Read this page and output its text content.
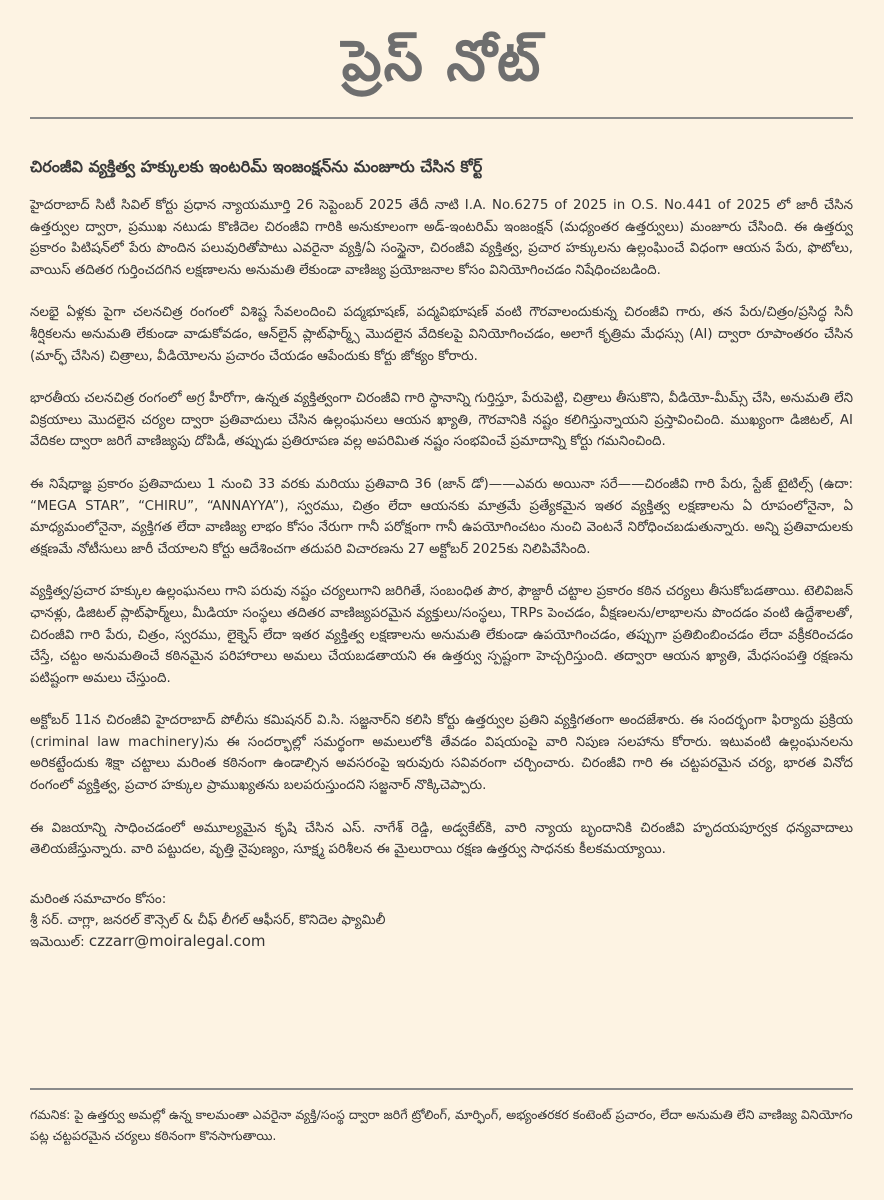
ప్రెస్ నోట్
చిరంజీవి వ్యక్తిత్వ హక్కులకు ఇంటరిమ్ ఇంజంక్షన్‌ను మంజూరు చేసిన కోర్ట్

హైదరాబాద్ సిటీ సివిల్ కోర్టు ప్రధాన న్యాయమూర్తి 26 సెప్టెంబర్ 2025 తేదీ నాటి I.A. No.6275 of 2025 in O.S. No.441 of 2025 లో జారీ చేసిన ఉత్తర్వుల ద్వారా, ప్రముఖ నటుడు కొణిదెల చిరంజీవి గారికి అనుకూలంగా అడ్-ఇంటరిమ్ ఇంజంక్షన్ (మధ్యంతర ఉత్తర్వులు) మంజూరు చేసింది. ఈ ఉత్తర్వు ప్రకారం పిటిషన్‌లో పేరు పొందిన పలువురితోపాటు ఎవరైనా వ్యక్తి/ఏ సంస్థైనా, చిరంజీవి వ్యక్తిత్వ, ప్రచార హక్కులను ఉల్లంఘించే విధంగా ఆయన పేరు, ఫొటోలు, వాయిస్ తదితర గుర్తించదగిన లక్షణాలను అనుమతి లేకుండా వాణిజ్య ప్రయోజనాల కోసం వినియోగించడం నిషేధించబడింది.

నలభై ఏళ్లకు పైగా చలనచిత్ర రంగంలో విశిష్ట సేవలందించి పద్మభూషణ్, పద్మవిభూషణ్ వంటి గౌరవాలందుకున్న చిరంజీవి గారు, తన పేరు/చిత్రం/ప్రసిద్ధ సినీ శీర్షికలను అనుమతి లేకుండా వాడుకోవడం, ఆన్‌లైన్ ప్లాట్‌ఫార్మ్స్ మొదలైన వేదికలపై వినియోగించడం, అలాగే కృత్రిమ మేధస్సు (AI) ద్వారా రూపాంతరం చేసిన (మార్ఫ్ చేసిన) చిత్రాలు, వీడియోలను ప్రచారం చేయడం ఆపేందుకు కోర్టు జోక్యం కోరారు.

భారతీయ చలనచిత్ర రంగంలో అగ్ర హీరోగా, ఉన్నత వ్యక్తిత్వంగా చిరంజీవి గారి స్థానాన్ని గుర్తిస్తూ, పేరుపెట్టి, చిత్రాలు తీసుకొని, వీడియో-మీమ్స్ చేసి, అనుమతి లేని విక్రయాలు మొదలైన చర్యల ద్వారా ప్రతివాదులు చేసిన ఉల్లంఘనలు ఆయన ఖ్యాతి, గౌరవానికి నష్టం కలిగిస్తున్నాయని ప్రస్తావించింది. ముఖ్యంగా డిజిటల్, AI వేదికల ద్వారా జరిగే వాణిజ్యపు దోపిడీ, తప్పుడు ప్రతిరూపణ వల్ల అపరిమిత నష్టం సంభవించే ప్రమాదాన్ని కోర్టు గమనించింది.

ఈ నిషేధాజ్ఞ ప్రకారం ప్రతివాదులు 1 నుంచి 33 వరకు మరియు ప్రతివాది 36 (జాన్ డో)——ఎవరు అయినా సరే——చిరంజీవి గారి పేరు, స్టేజ్ టైటిల్స్ (ఉదా: “MEGA STAR”, “CHIRU”, “ANNAYYA”), స్వరము, చిత్రం లేదా ఆయనకు మాత్రమే ప్రత్యేకమైన ఇతర వ్యక్తిత్వ లక్షణాలను ఏ రూపంలోనైనా, ఏ మాధ్యమంలోనైనా, వ్యక్తిగత లేదా వాణిజ్య లాభం కోసం నేరుగా గానీ పరోక్షంగా గానీ ఉపయోగించటం నుంచి వెంటనే నిరోధించబడుతున్నారు. అన్ని ప్రతివాదులకు తక్షణమే నోటీసులు జారీ చేయాలని కోర్టు ఆదేశించగా తదుపరి విచారణను 27 అక్టోబర్ 2025కు నిలిపివేసింది.

వ్యక్తిత్వ/ప్రచార హక్కుల ఉల్లంఘనలు గాని పరువు నష్టం చర్యలుగాని జరిగితే, సంబంధిత పౌర, ఫౌజ్దారీ చట్టాల ప్రకారం కఠిన చర్యలు తీసుకోబడతాయి. టెలివిజన్ ఛానళ్లు, డిజిటల్ ప్లాట్‌ఫార్మ్‌లు, మీడియా సంస్థలు తదితర వాణిజ్యపరమైన వ్యక్తులు/సంస్థలు, TRPs పెంచడం, వీక్షణలను/లాభాలను పొందడం వంటి ఉద్దేశాలతో, చిరంజీవి గారి పేరు, చిత్రం, స్వరము, లైక్నెస్ లేదా ఇతర వ్యక్తిత్వ లక్షణాలను అనుమతి లేకుండా ఉపయోగించడం, తప్పుగా ప్రతిబింబించడం లేదా వక్రీకరించడం చేస్తే, చట్టం అనుమతించే కఠినమైన పరిహారాలు అమలు చేయబడతాయని ఈ ఉత్తర్వు స్పష్టంగా హెచ్చరిస్తుంది. తద్వారా ఆయన ఖ్యాతి, మేధసంపత్తి రక్షణను పటిష్టంగా అమలు చేస్తుంది.

అక్టోబర్ 11న చిరంజీవి హైదరాబాద్ పోలీసు కమిషనర్ వి.సి. సజ్జనార్‌ని కలిసి కోర్టు ఉత్తర్వుల ప్రతిని వ్యక్తిగతంగా అందజేశారు. ఈ సందర్భంగా ఫిర్యాదు ప్రక్రియ (criminal law machinery)ను ఈ సందర్భాల్లో సమర్థంగా అమలులోకి తేవడం విషయంపై వారి నిపుణ సలహాను కోరారు. ఇటువంటి ఉల్లంఘనలను అరికట్టేందుకు శిక్షా చట్టాలు మరింత కఠినంగా ఉండాల్సిన అవసరంపై ఇరువురు సవివరంగా చర్చించారు. చిరంజీవి గారి ఈ చట్టపరమైన చర్య, భారత వినోద రంగంలో వ్యక్తిత్వ, ప్రచార హక్కుల ప్రాముఖ్యతను బలపరుస్తుందని సజ్జనార్ నొక్కిచెప్పారు.

ఈ విజయాన్ని సాధించడంలో అమూల్యమైన కృషి చేసిన ఎస్. నాగేశ్ రెడ్డి, అడ్వకేట్‌కి, వారి న్యాయ బృందానికి చిరంజీవి హృదయపూర్వక ధన్యవాదాలు తెలియజేస్తున్నారు. వారి పట్టుదల, వృత్తి నైపుణ్యం, సూక్ష్మ పరిశీలన ఈ మైలురాయి రక్షణ ఉత్తర్వు సాధనకు కీలకమయ్యాయి.

మరింత సమాచారం కోసం:
శ్రీ సర్. చాగ్లా, జనరల్ కౌన్సెల్ & చీఫ్ లీగల్ ఆఫీసర్, కొనిదెల ఫ్యామిలీ
ఇమెయిల్: czzarr@moiralegal.com
గమనిక: పై ఉత్తర్వు అమల్లో ఉన్న కాలమంతా ఎవరైనా వ్యక్తి/సంస్థ ద్వారా జరిగే ట్రోలింగ్, మార్ఫింగ్, అభ్యంతరకర కంటెంట్ ప్రచారం, లేదా అనుమతి లేని వాణిజ్య వినియోగం పట్ల చట్టపరమైన చర్యలు కఠినంగా కొనసాగుతాయి.
